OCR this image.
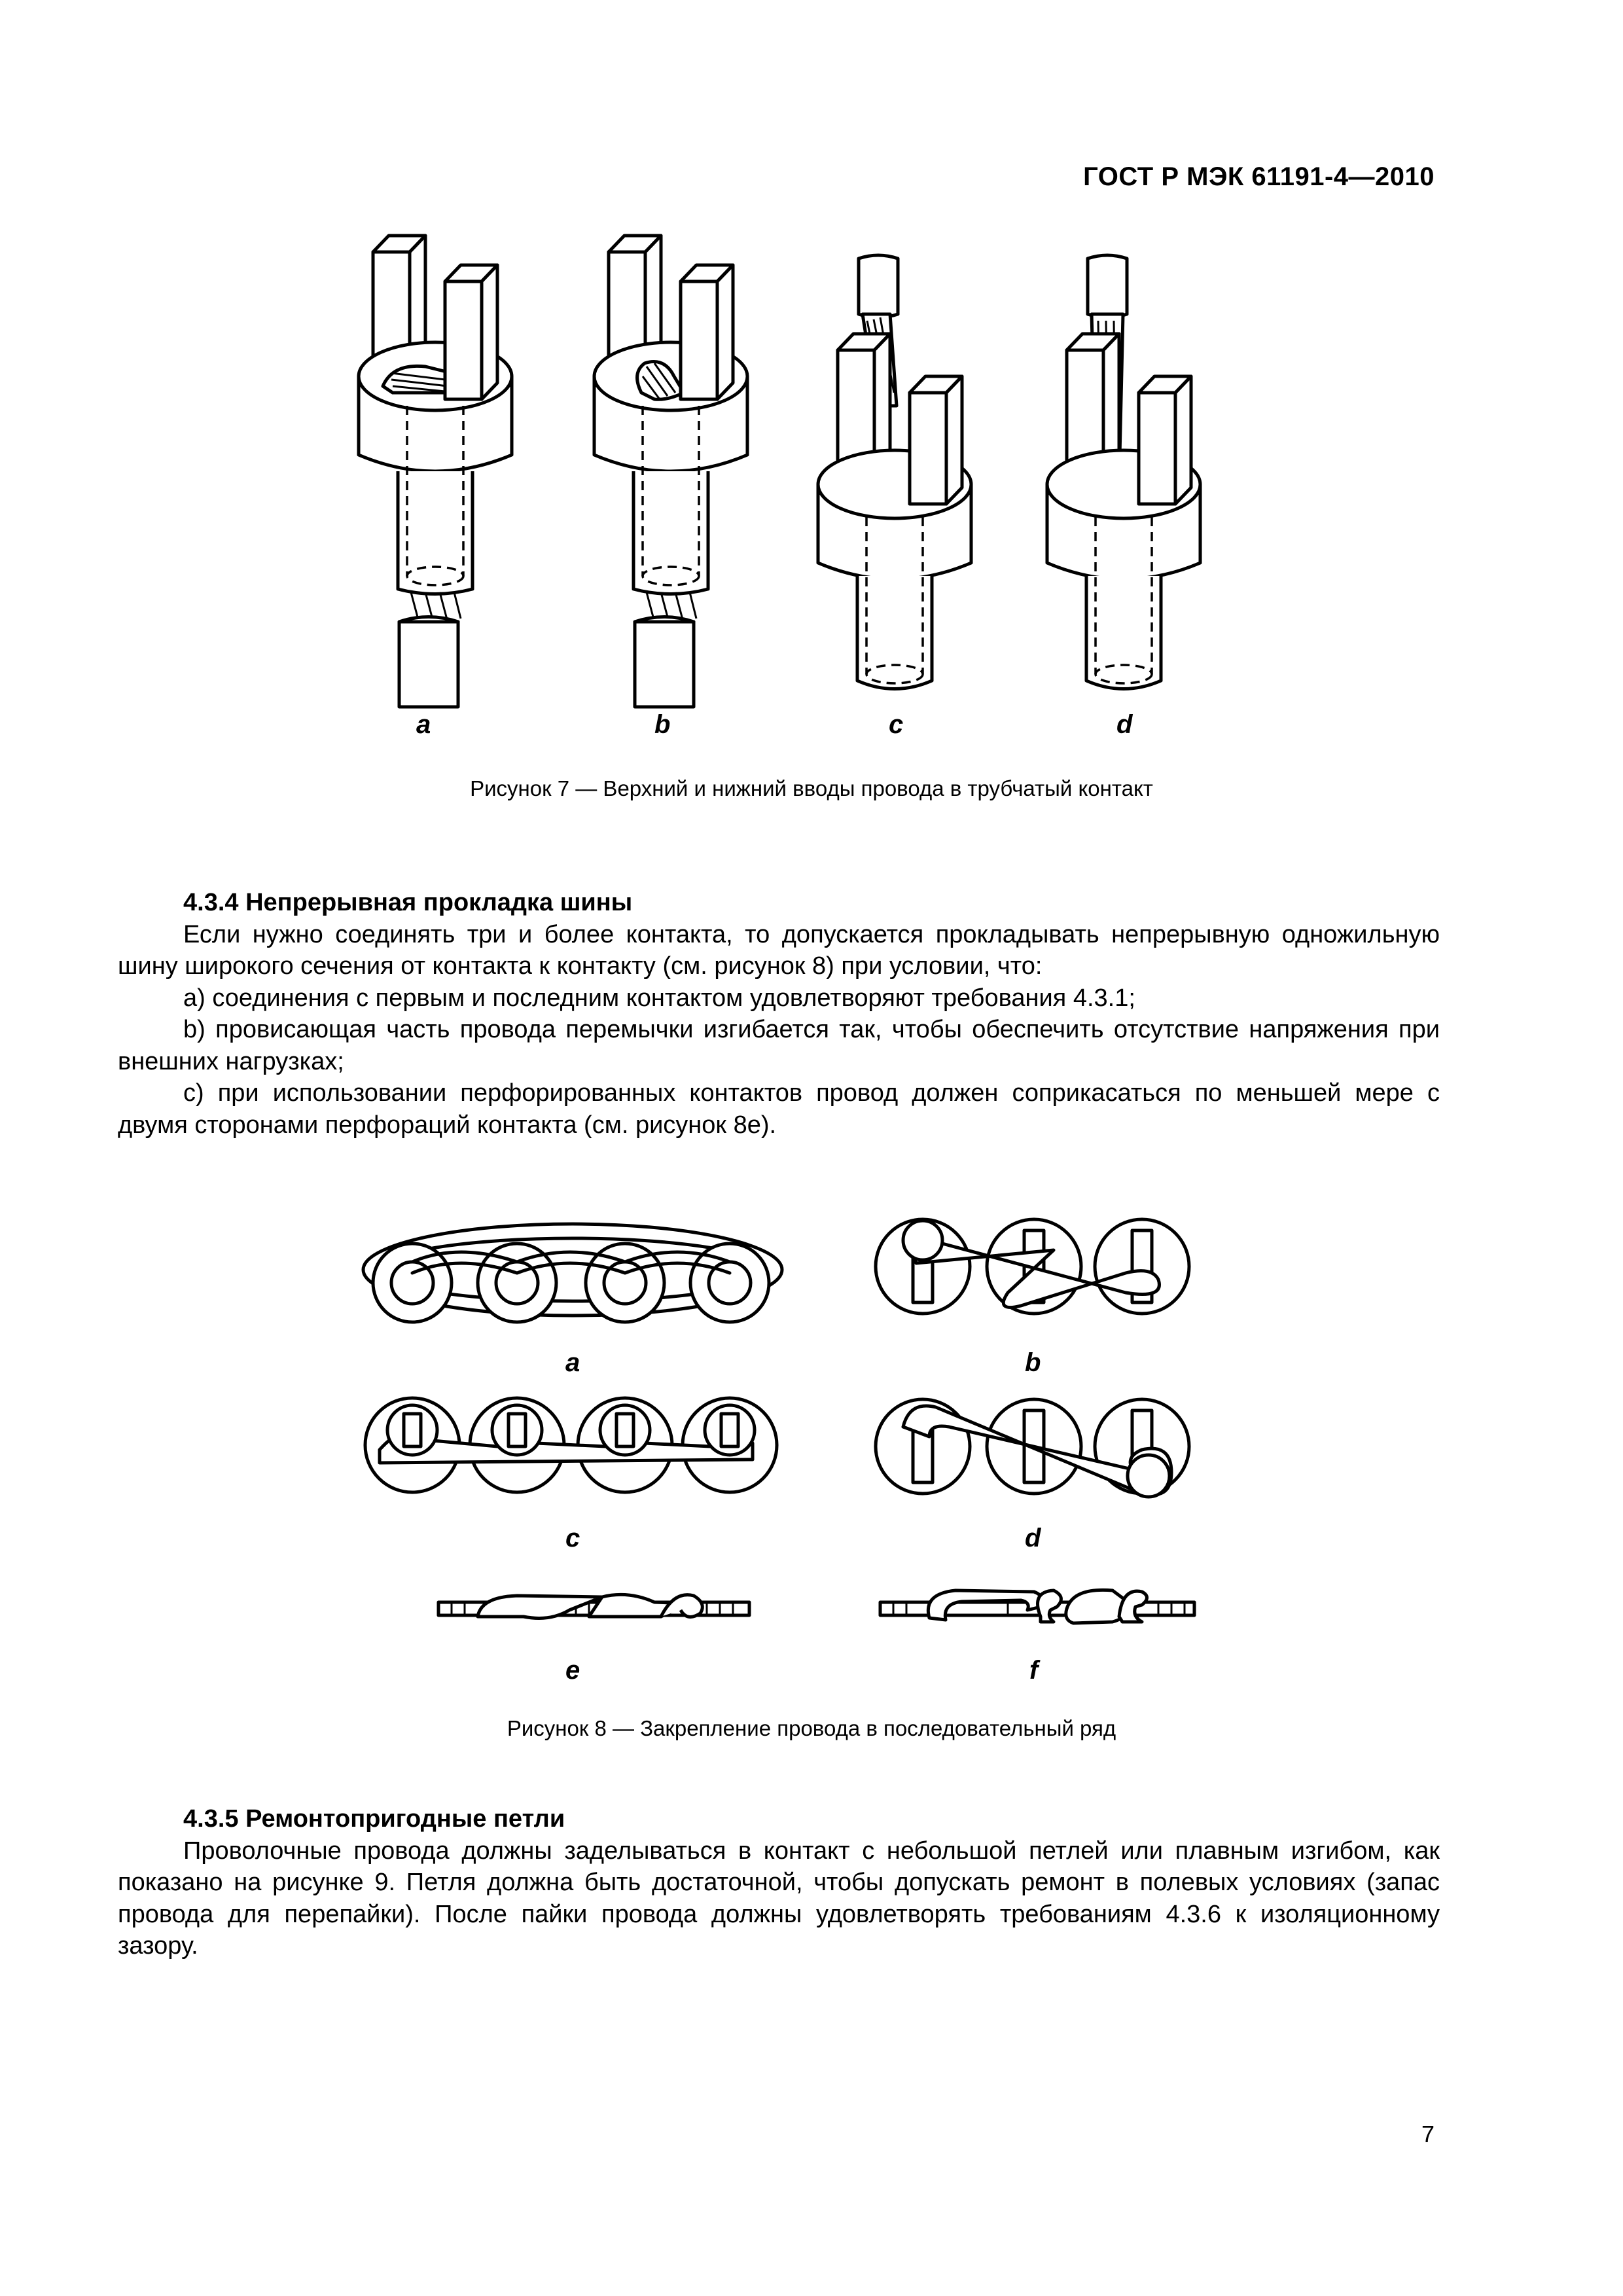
ГОСТ Р МЭК 61191-4—2010
a	b	c	d
Рисунок 7 — Верхний и нижний вводы провода в трубчатый контакт
4.3.4 Непрерывная прокладка шины

Если нужно соединять три и более контакта, то допускается прокладывать непрерывную одножильную шину широкого сечения от контакта к контакту (см. рисунок 8) при условии, что:

a) соединения с первым и последним контактом удовлетворяют требования 4.3.1;

b) провисающая часть провода перемычки изгибается так, чтобы обеспечить отсутствие напряжения при внешних нагрузках;

c) при использовании перфорированных контактов провод должен соприкасаться по меньшей мере с двумя сторонами перфораций контакта (см. рисунок 8e).

a	b
c	d
e	f
Рисунок 8 — Закрепление провода в последовательный ряд
4.3.5 Ремонтопригодные петли

Проволочные провода должны заделываться в контакт с небольшой петлей или плавным изгибом, как показано на рисунке 9. Петля должна быть достаточной, чтобы допускать ремонт в полевых условиях (запас провода для перепайки). После пайки провода должны удовлетворять требованиям 4.3.6 к изоляционному зазору.

7
